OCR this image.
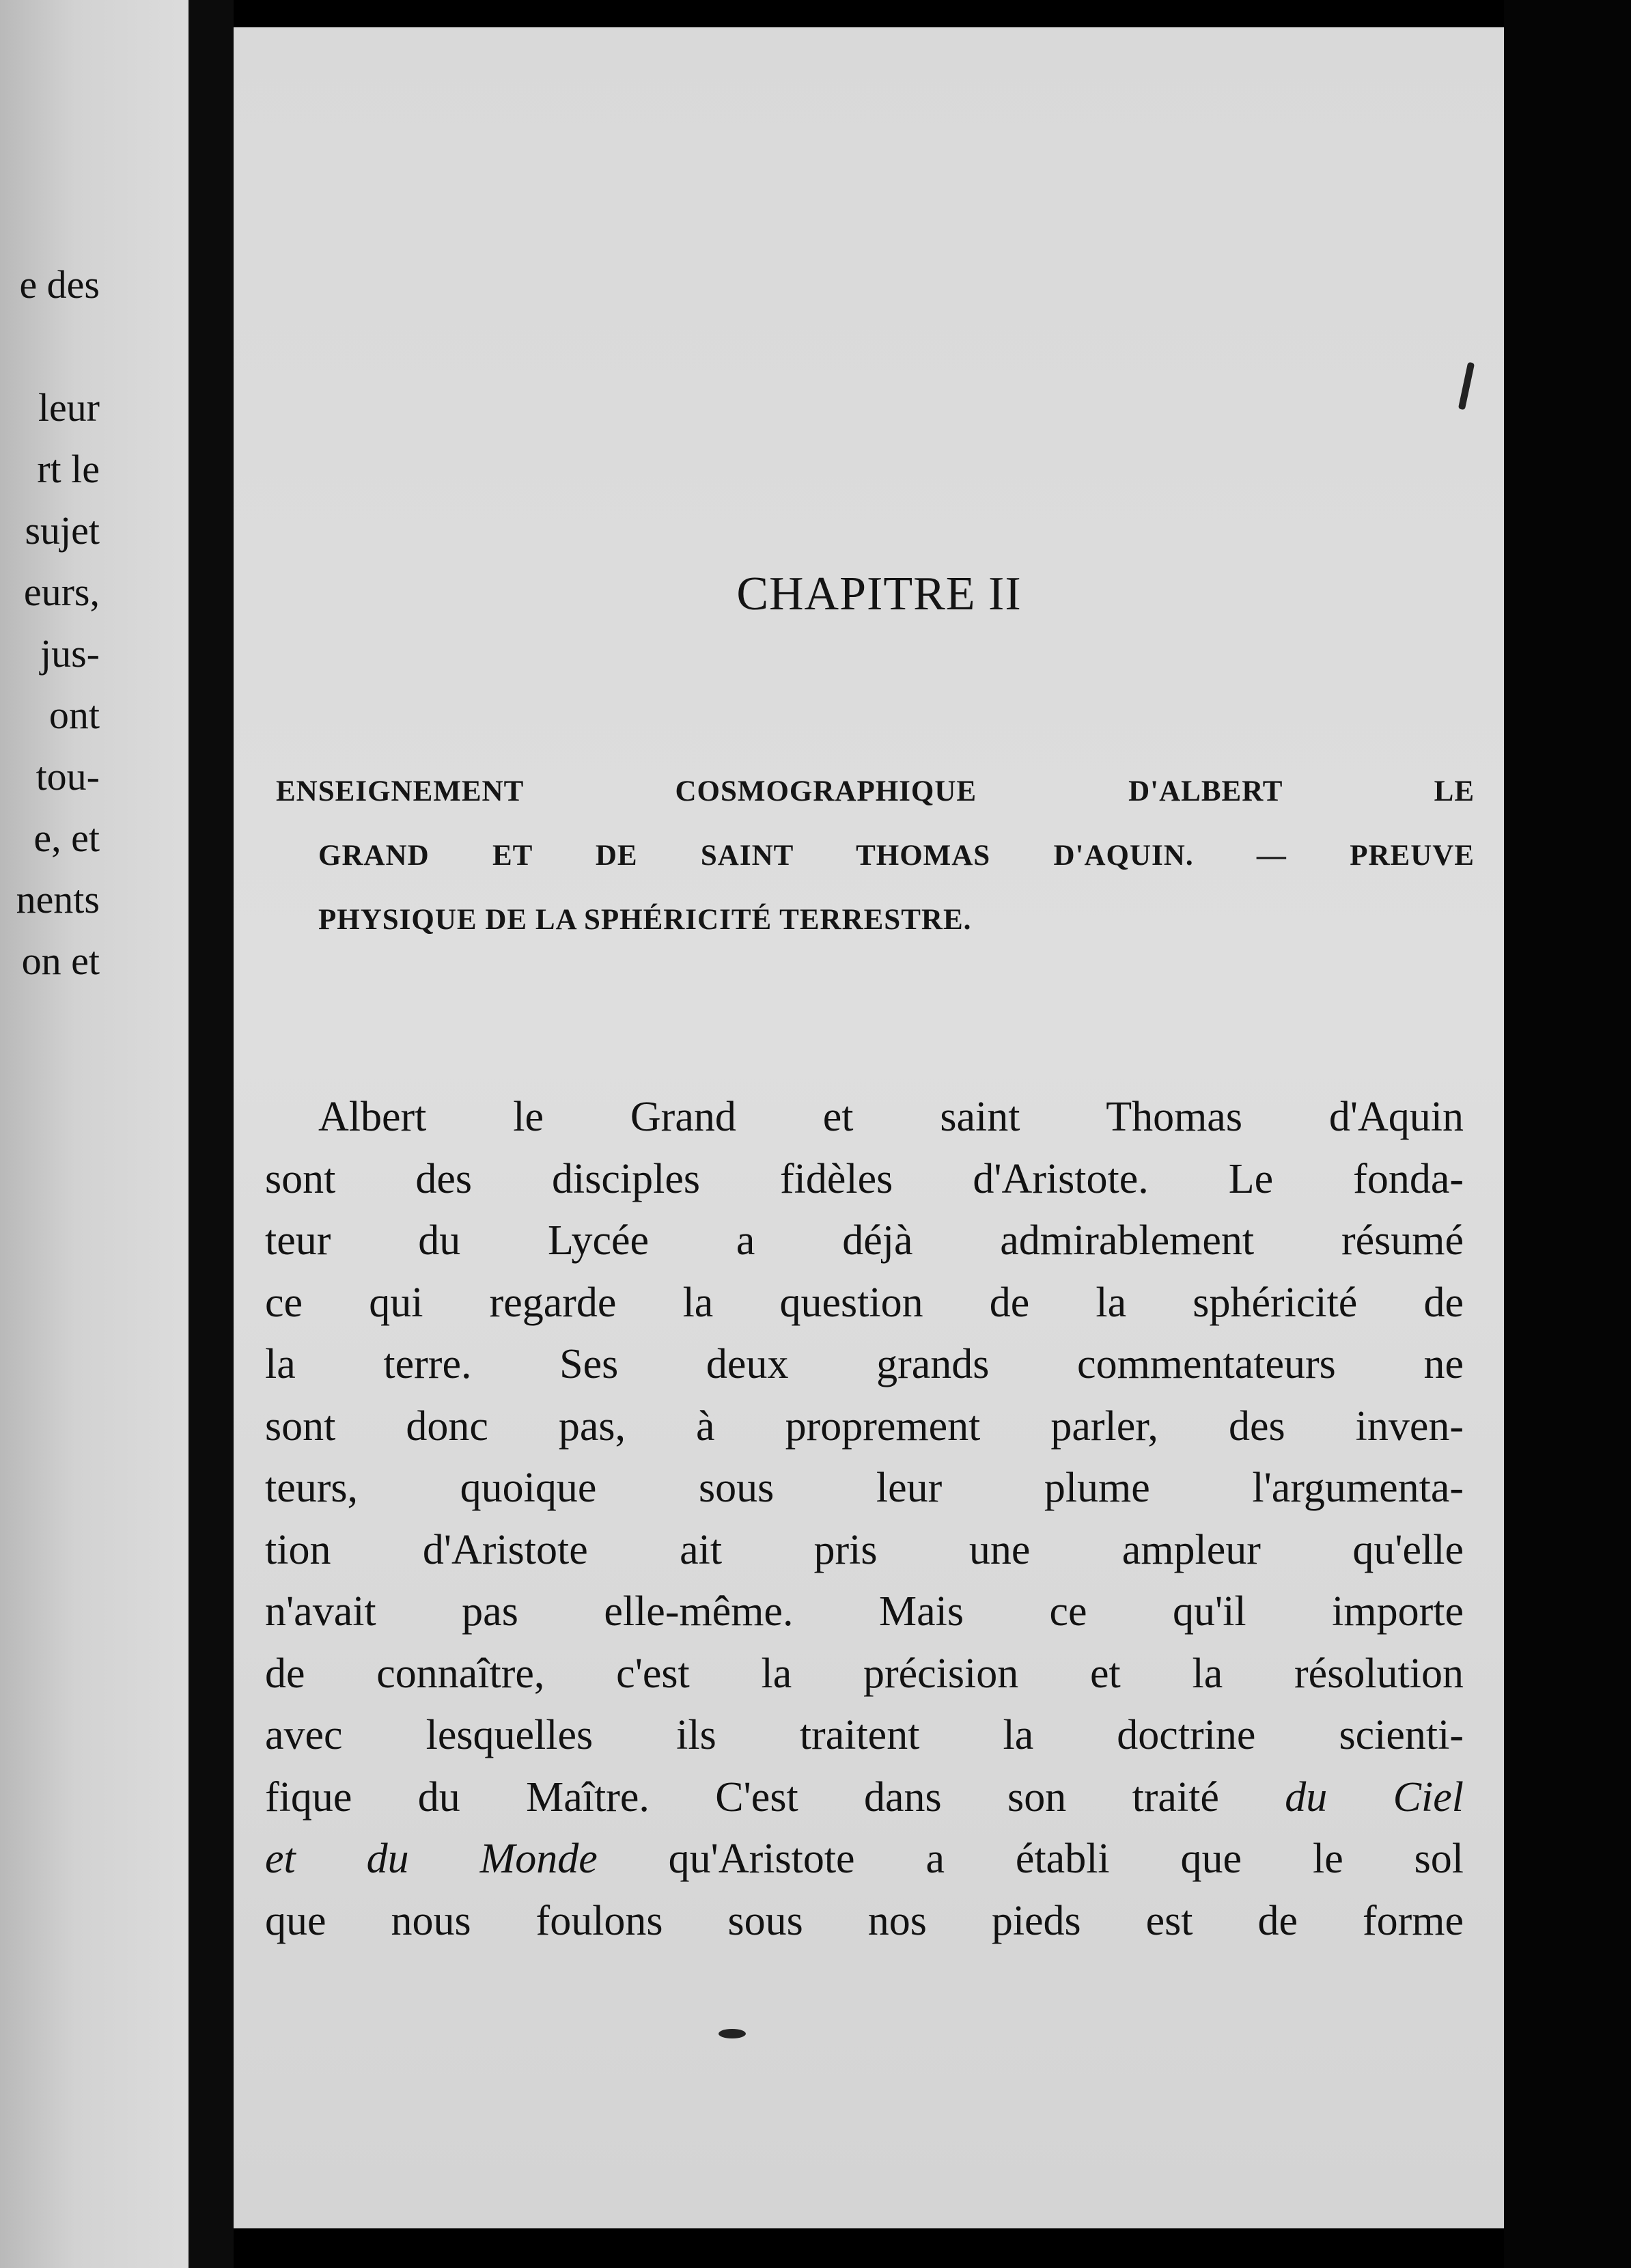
e des
leur
rt le
sujet
eurs,
jus-
ont
tou-
e, et
nents
on et
CHAPITRE II
ENSEIGNEMENT COSMOGRAPHIQUE D'ALBERT LE
GRAND ET DE SAINT THOMAS D'AQUIN. — PREUVE
PHYSIQUE DE LA SPHÉRICITÉ TERRESTRE.
Albert le Grand et saint Thomas d'Aquin
sont des disciples fidèles d'Aristote. Le fonda-
teur du Lycée a déjà admirablement résumé
ce qui regarde la question de la sphéricité de
la terre. Ses deux grands commentateurs ne
sont donc pas, à proprement parler, des inven-
teurs, quoique sous leur plume l'argumenta-
tion d'Aristote ait pris une ampleur qu'elle
n'avait pas elle-même. Mais ce qu'il importe
de connaître, c'est la précision et la résolution
avec lesquelles ils traitent la doctrine scienti-
fique du Maître. C'est dans son traité du Ciel
et du Monde qu'Aristote a établi que le sol
que nous foulons sous nos pieds est de forme
